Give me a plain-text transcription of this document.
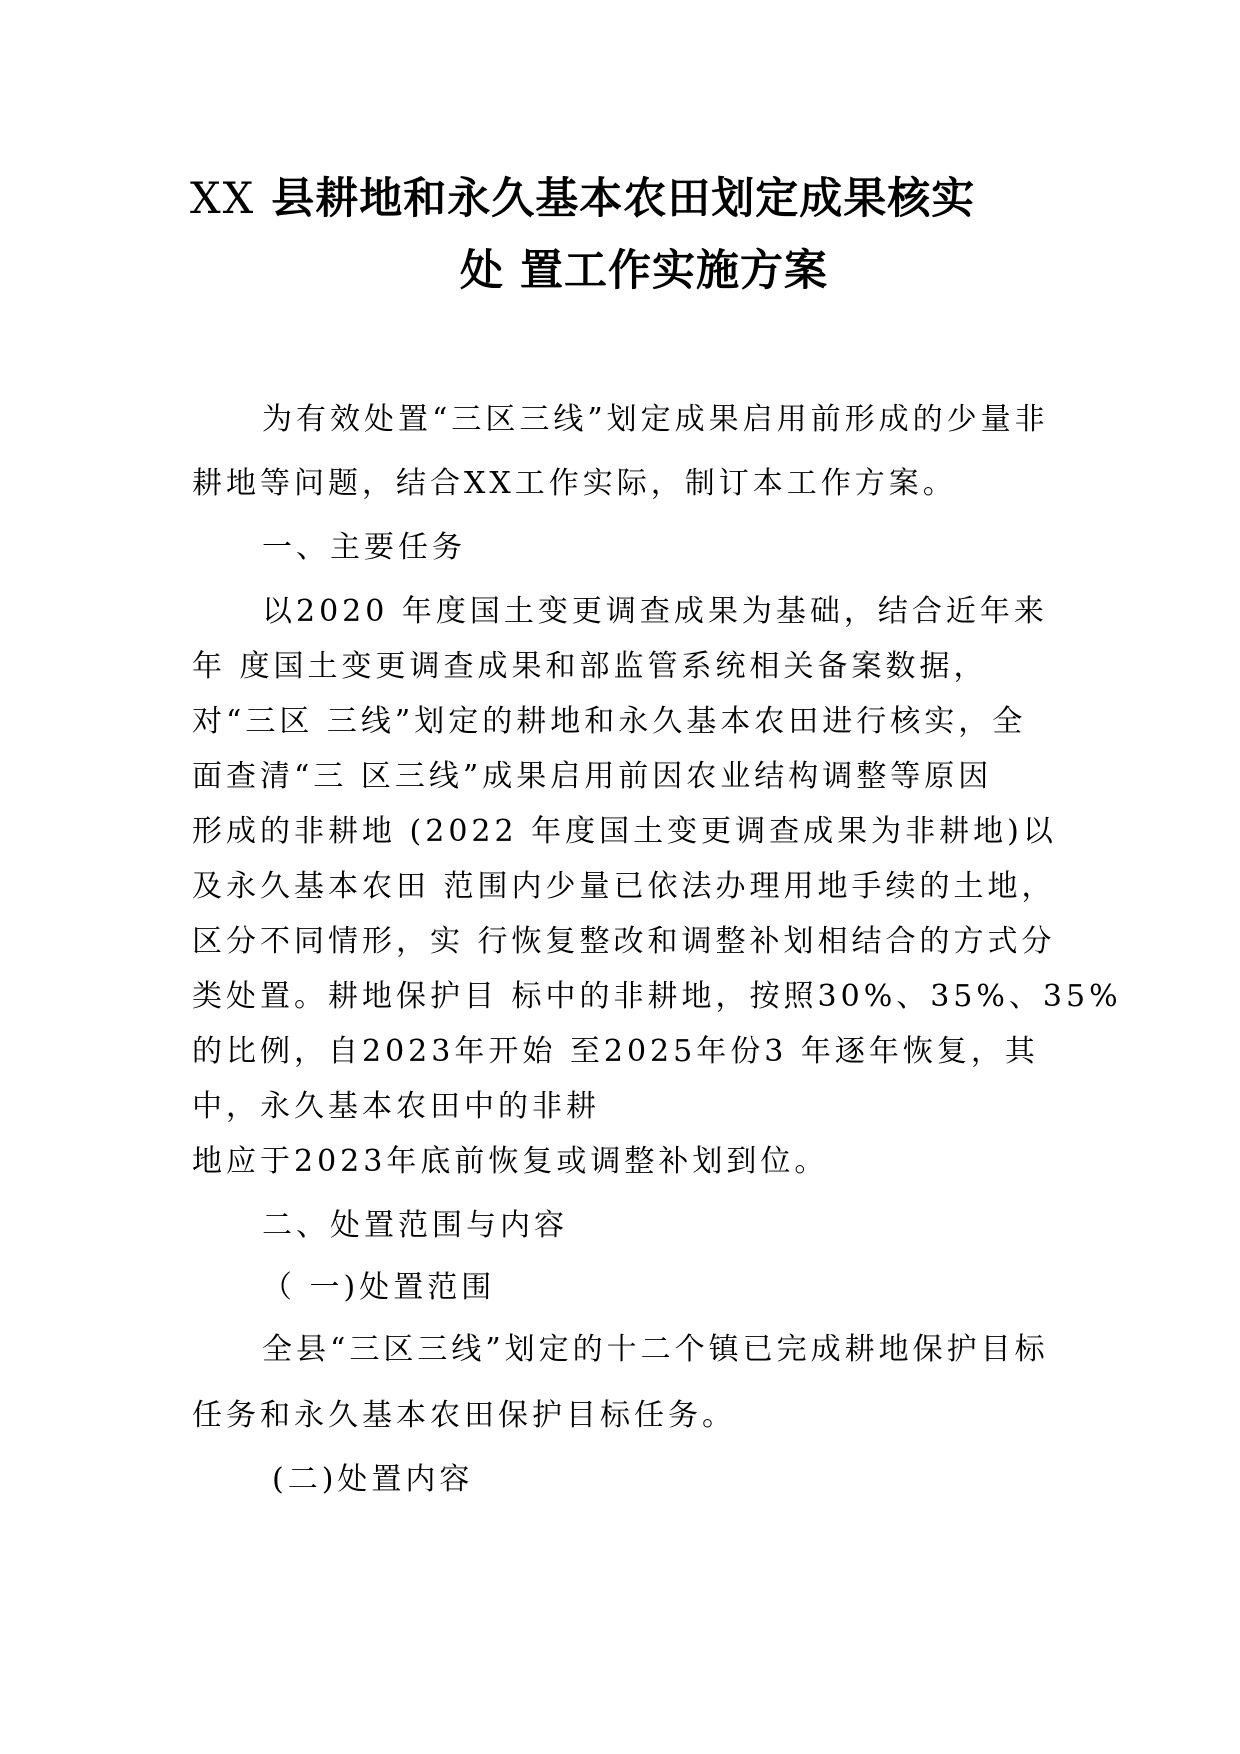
XX 县耕地和永久基本农田划定成果核实
处 置工作实施方案

为有效处置“三区三线”划定成果启用前形成的少量非

耕地等问题，结合XX工作实际，制订本工作方案。

一、主要任务

以2020 年度国土变更调查成果为基础，结合近年来

年 度国土变更调查成果和部监管系统相关备案数据，

对“三区 三线”划定的耕地和永久基本农田进行核实，全

面查清“三 区三线”成果启用前因农业结构调整等原因

形成的非耕地 (2022 年度国土变更调查成果为非耕地)以

及永久基本农田 范围内少量已依法办理用地手续的土地，

区分不同情形，实 行恢复整改和调整补划相结合的方式分

类处置。耕地保护目 标中的非耕地，按照30%、35%、35%

的比例，自2023年开始 至2025年份3 年逐年恢复，其

中，永久基本农田中的非耕

地应于2023年底前恢复或调整补划到位。

二、处置范围与内容

（ 一)处置范围

全县“三区三线”划定的十二个镇已完成耕地保护目标

任务和永久基本农田保护目标任务。

(二)处置内容
